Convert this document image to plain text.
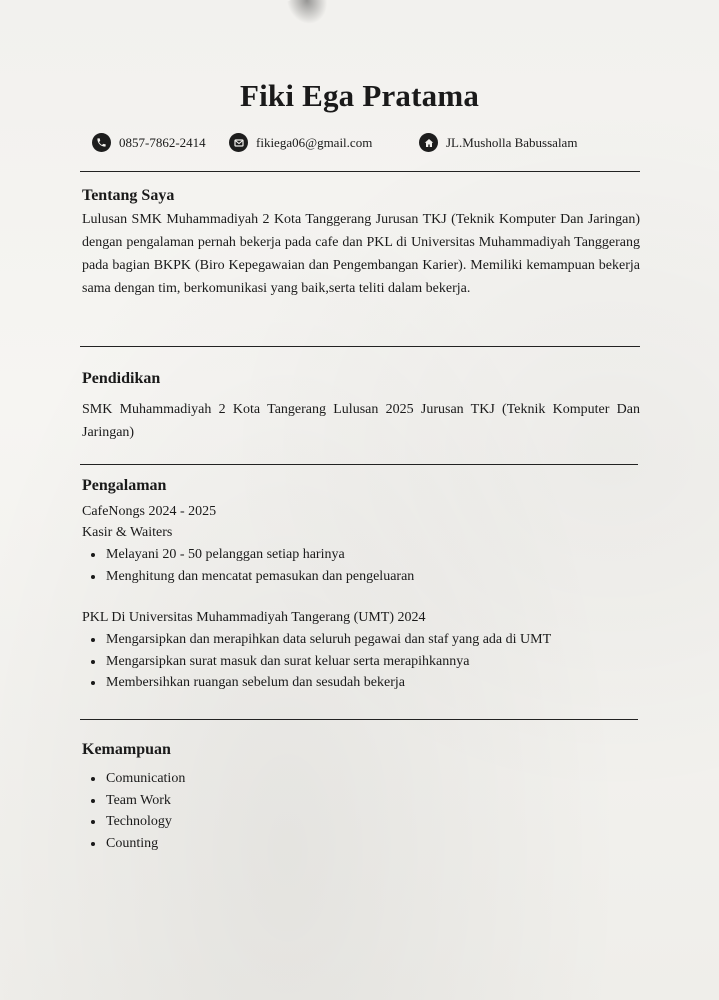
Fiki Ega Pratama
0857-7862-2414	fikiega06@gmail.com	JL.Musholla Babussalam
Tentang Saya
Lulusan SMK Muhammadiyah 2 Kota Tanggerang Jurusan TKJ (Teknik Komputer Dan Jaringan) dengan pengalaman pernah bekerja pada cafe dan PKL di Universitas Muhammadiyah Tanggerang pada bagian BKPK (Biro Kepegawaian dan Pengembangan Karier). Memiliki kemampuan bekerja sama dengan tim, berkomunikasi yang baik,serta teliti dalam bekerja.
Pendidikan
SMK Muhammadiyah 2 Kota Tangerang Lulusan 2025 Jurusan TKJ (Teknik Komputer Dan Jaringan)
Pengalaman
CafeNongs 2024 - 2025
Kasir & Waiters
Melayani 20 - 50 pelanggan setiap harinya
Menghitung dan mencatat pemasukan dan pengeluaran
PKL Di Universitas Muhammadiyah Tangerang (UMT) 2024
Mengarsipkan dan merapihkan data seluruh pegawai dan staf yang ada di UMT
Mengarsipkan surat masuk dan surat keluar serta merapihkannya
Membersihkan ruangan sebelum dan sesudah bekerja
Kemampuan
Comunication
Team Work
Technology
Counting
